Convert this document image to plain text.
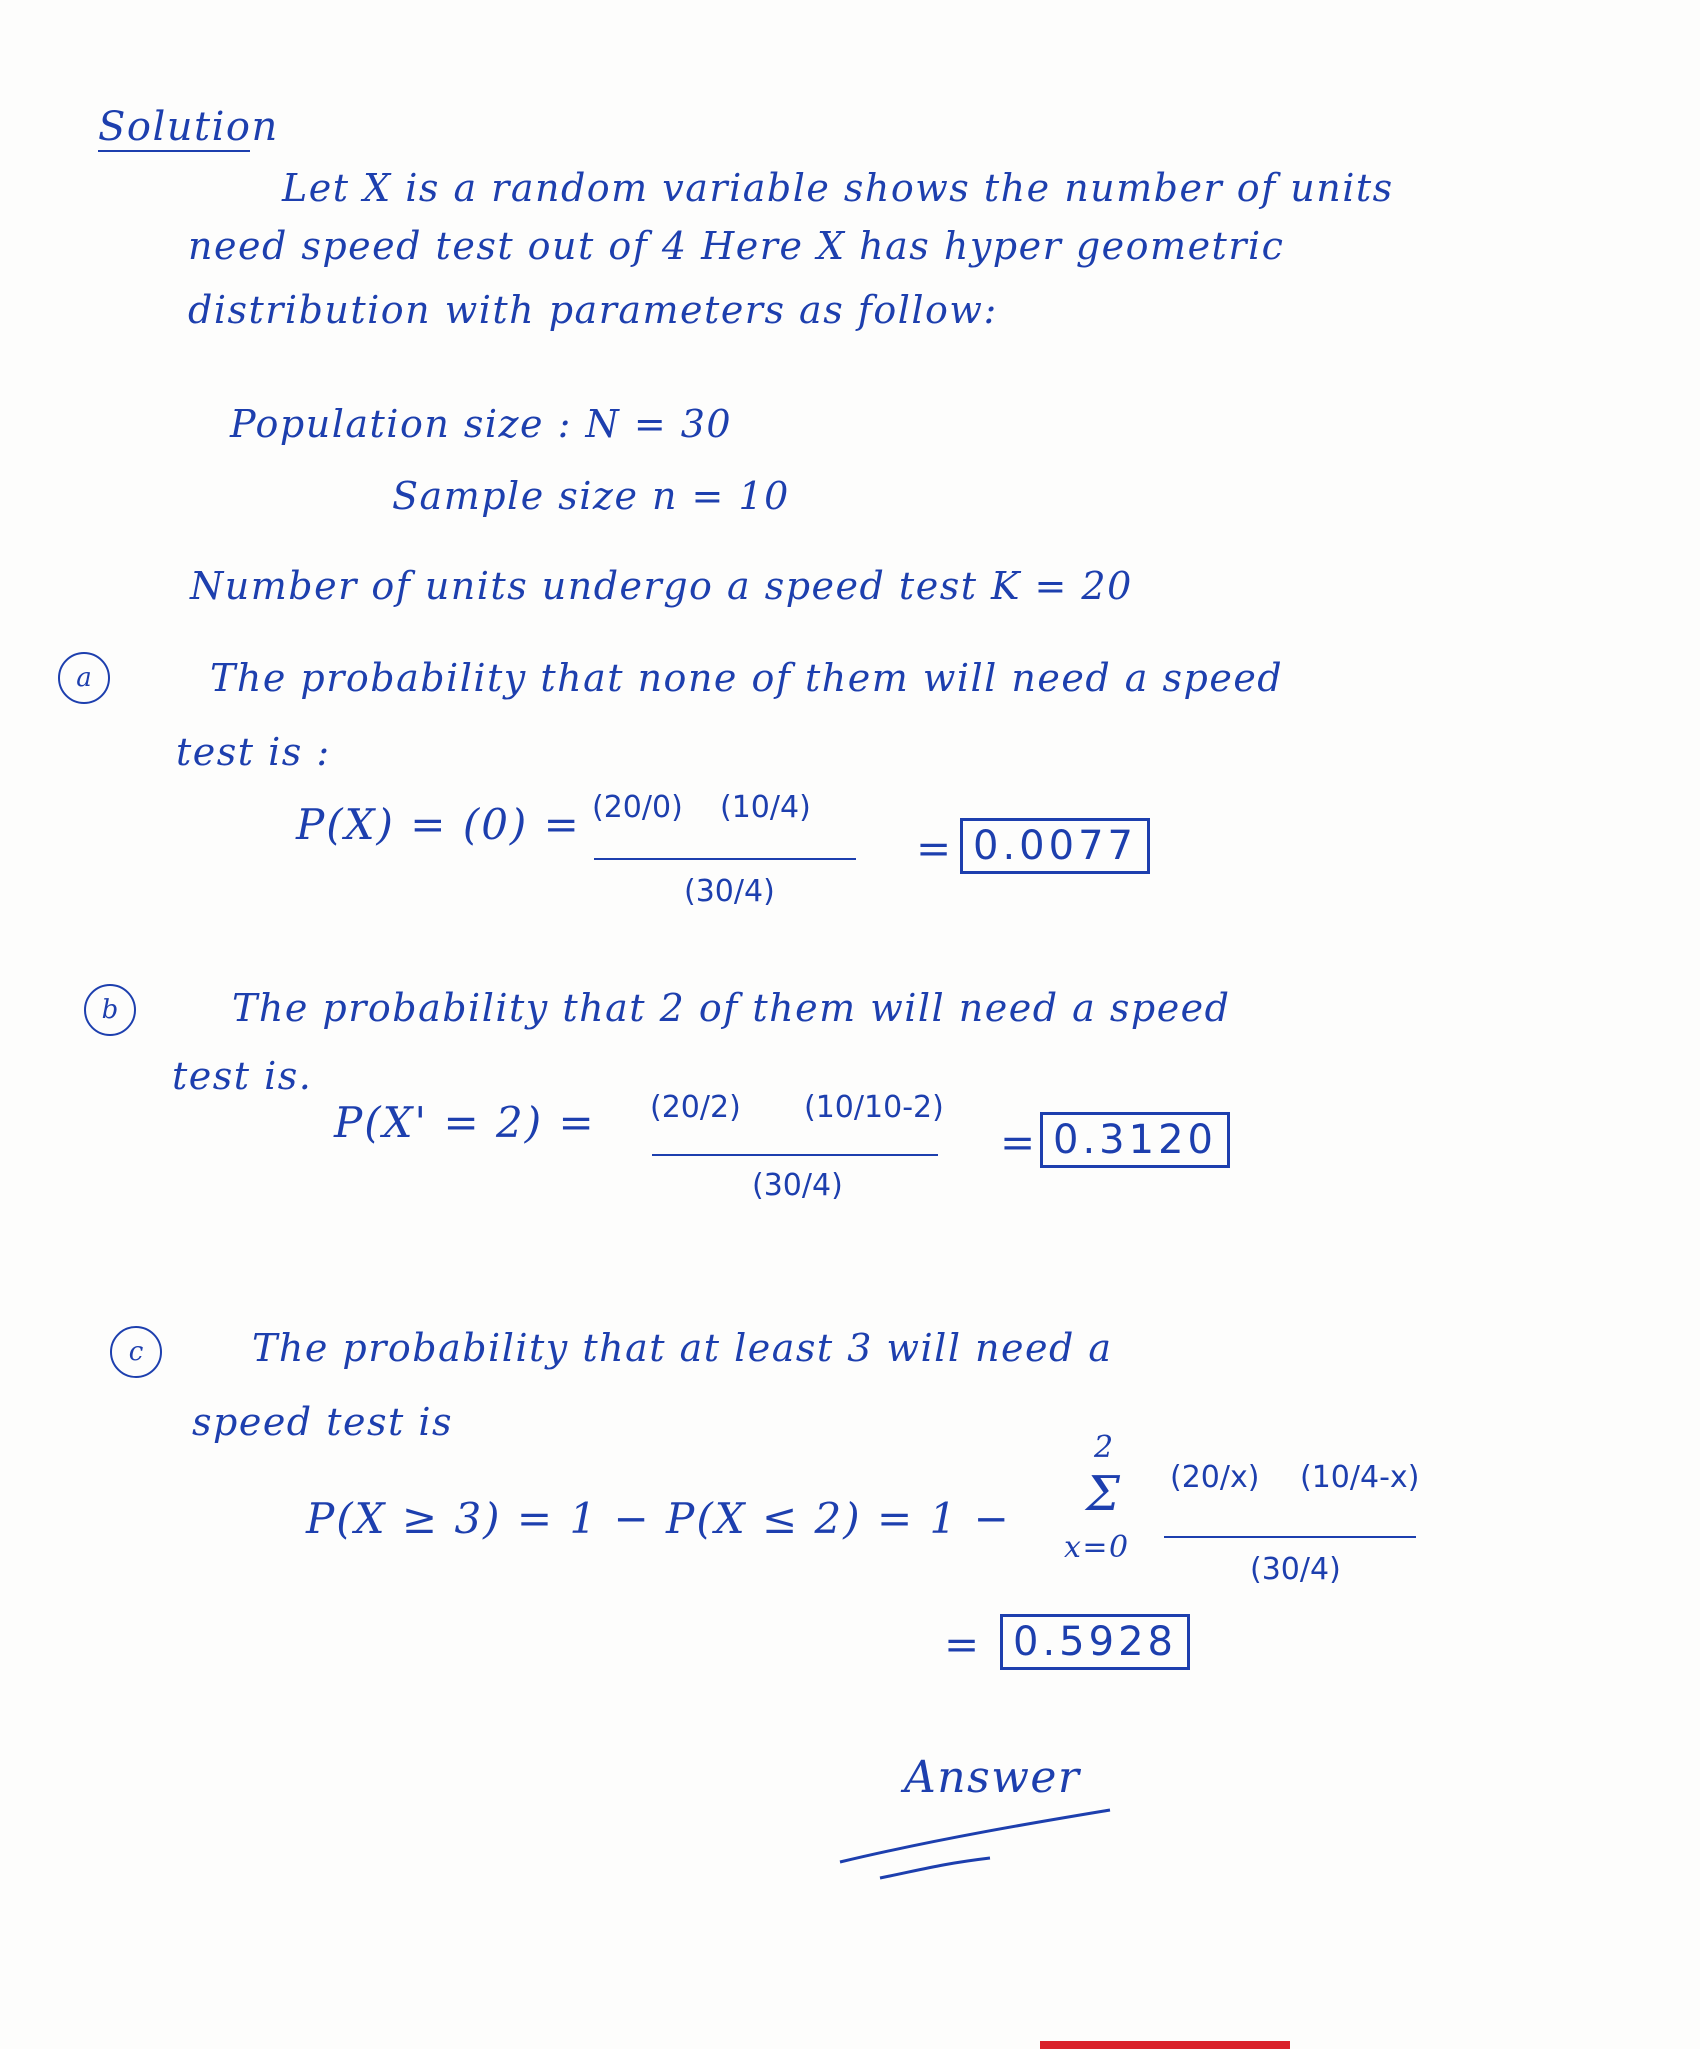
Solution
Let X is a random variable shows the number of units
need speed test out of 4 Here X has hyper geometric
distribution with parameters as follow:
Population size : N = 30
Sample size n = 10
Number of units undergo a speed test K = 20
a	The probability that none of them will need a speed
test is :
P(X) = (0) = (20/0) (10/4)
(30/4)
= 0.0077
b	The probability that 2 of them will need a speed
test is.
P(X' = 2) = (20/2) (10/10-2)
(30/4)
= 0.3120
c	The probability that at least 3 will need a
speed test is
P(X ≥ 3) = 1 − P(X ≤ 2) = 1 −
2
Σ
x=0
(20/x) (10/4-x)
(30/4)
= 0.5928
Answer
